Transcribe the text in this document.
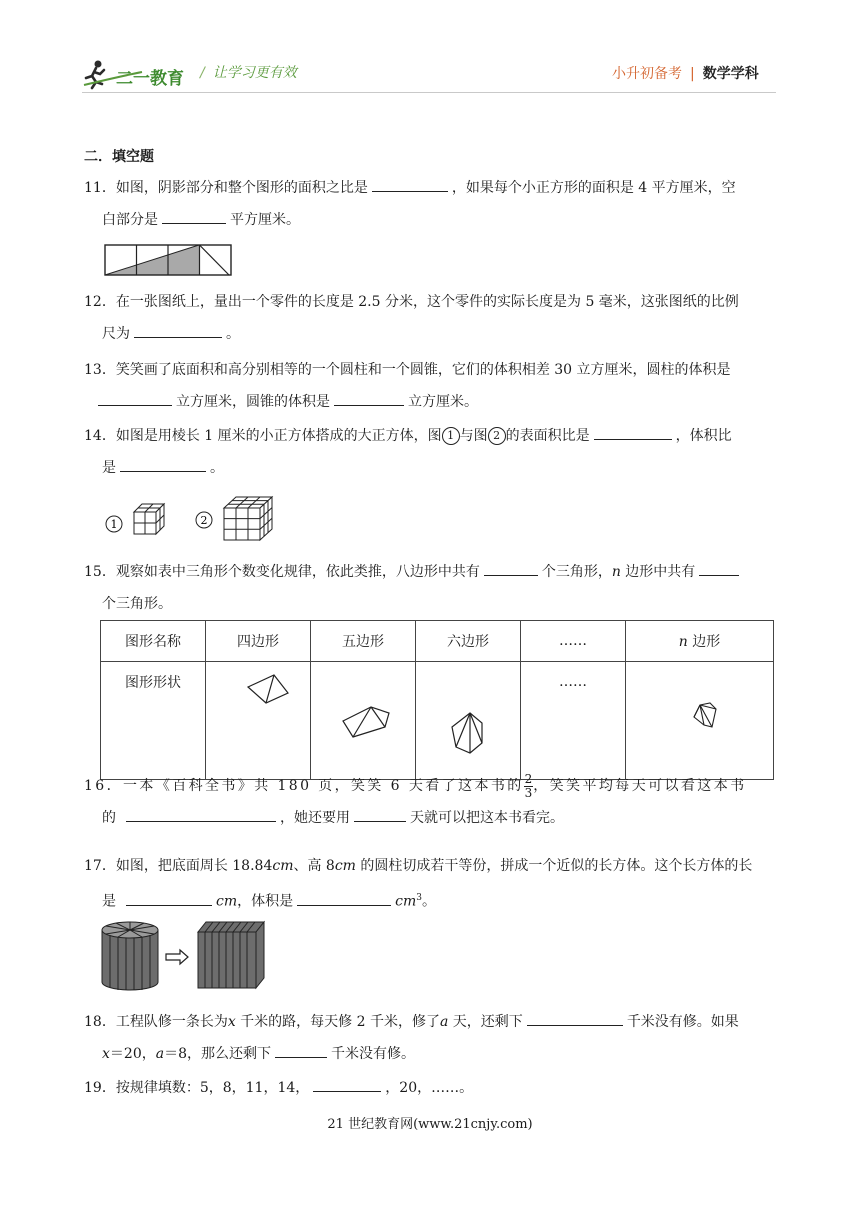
二一教育 / 让学习更有效	小升初备考 | 数学学科
二．填空题
11．如图，阴影部分和整个图形的面积之比是	，如果每个小正方形的面积是 4 平方厘米，空
白部分是	平方厘米。
12．在一张图纸上，量出一个零件的长度是 2.5 分米，这个零件的实际长度是为 5 毫米，这张图纸的比例
尺为	。
13．笑笑画了底面积和高分别相等的一个圆柱和一个圆锥，它们的体积相差 30 立方厘米，圆柱的体积是
立方厘米，圆锥的体积是	立方厘米。
14．如图是用棱长 1 厘米的小正方体搭成的大正方体，图 1 与图 2 的表面积比是	，体积比
是	。
1	2
15．观察如表中三角形个数变化规律，依此类推，八边形中共有	个三角形，n 边形中共有
个三角形。
图形名称	四边形	五边形	六边形	……	n 边形
图形形状				……	
16．一本《百科全书》共 180 页，笑笑 6 天看了这本书的 $\frac{2}{3}$ ，笑笑平均每天可以看这本书
的	，她还要用	天就可以把这本书看完。
17．如图，把底面周长 18.84cm、高 8cm 的圆柱切成若干等份，拼成一个近似的长方体。这个长方体的长
是	cm，体积是	$cm^3$。
18．工程队修一条长为x 千米的路，每天修 2 千米，修了a 天，还剩下	千米没有修。如果
x＝20，a＝8，那么还剩下	千米没有修。
19．按规律填数：5，8，11，14，	，20，……。
21 世纪教育网(www.21cnjy.com)
